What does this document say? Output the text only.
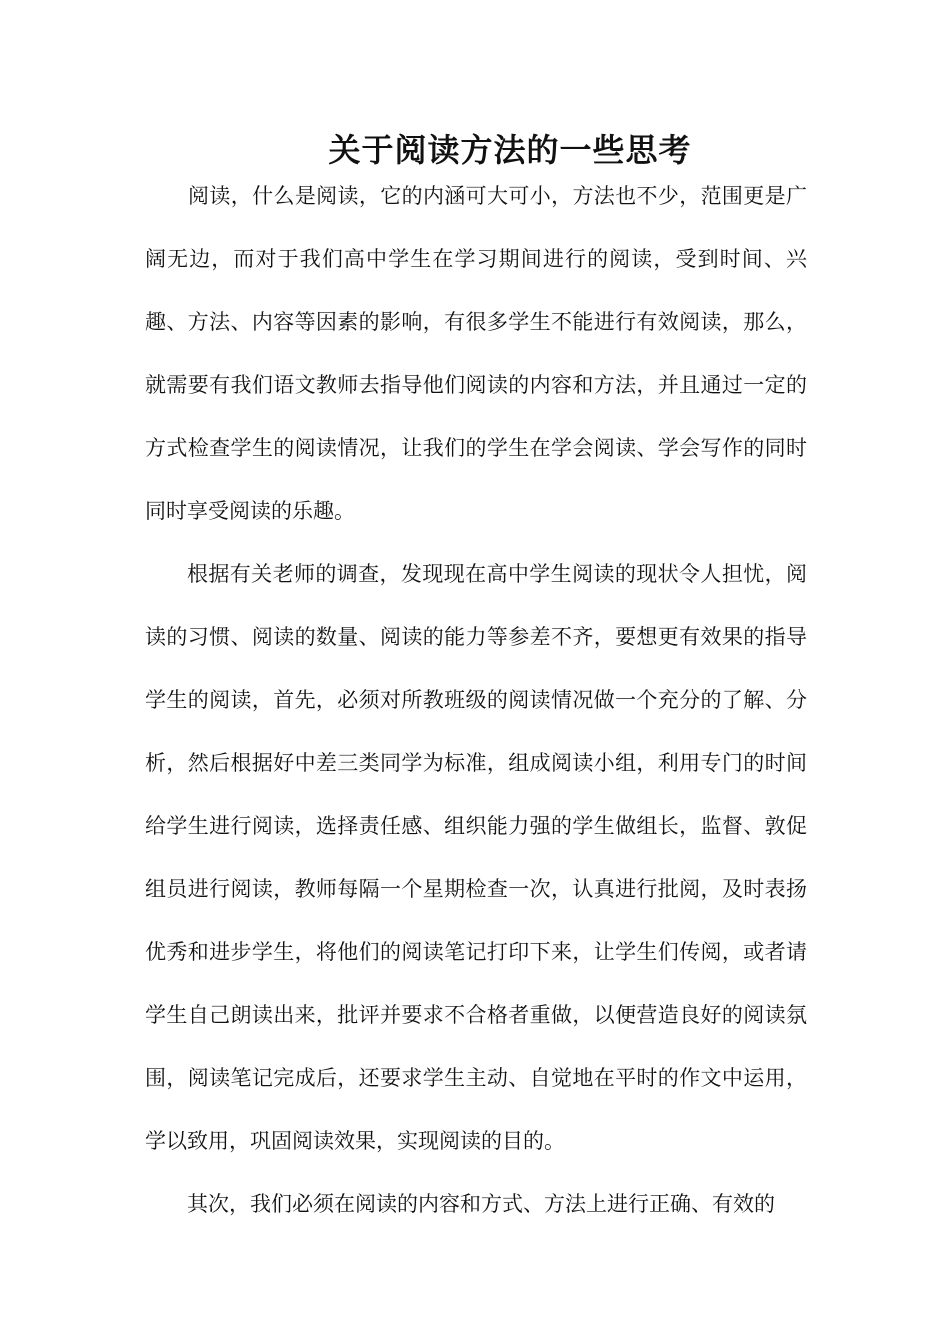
关于阅读方法的一些思考

阅读，什么是阅读，它的内涵可大可小，方法也不少，范围更是广阔无边，而对于我们高中学生在学习期间进行的阅读，受到时间、兴趣、方法、内容等因素的影响，有很多学生不能进行有效阅读，那么，就需要有我们语文教师去指导他们阅读的内容和方法，并且通过一定的方式检查学生的阅读情况，让我们的学生在学会阅读、学会写作的同时同时享受阅读的乐趣。

根据有关老师的调查，发现现在高中学生阅读的现状令人担忧，阅读的习惯、阅读的数量、阅读的能力等参差不齐，要想更有效果的指导学生的阅读，首先，必须对所教班级的阅读情况做一个充分的了解、分析，然后根据好中差三类同学为标准，组成阅读小组，利用专门的时间给学生进行阅读，选择责任感、组织能力强的学生做组长，监督、敦促组员进行阅读，教师每隔一个星期检查一次，认真进行批阅，及时表扬优秀和进步学生，将他们的阅读笔记打印下来，让学生们传阅，或者请学生自己朗读出来，批评并要求不合格者重做，以便营造良好的阅读氛围，阅读笔记完成后，还要求学生主动、自觉地在平时的作文中运用，学以致用，巩固阅读效果，实现阅读的目的。

其次，我们必须在阅读的内容和方式、方法上进行正确、有效的
